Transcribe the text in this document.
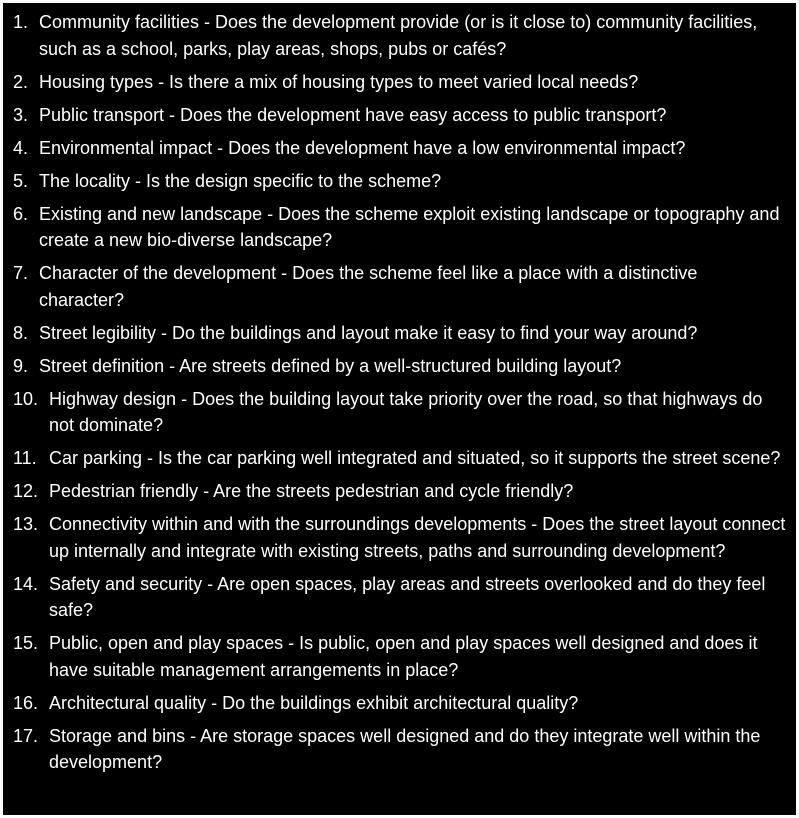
1. Community facilities - Does the development provide (or is it close to) community facilities, such as a school, parks, play areas, shops, pubs or cafés?
2. Housing types - Is there a mix of housing types to meet varied local needs?
3. Public transport - Does the development have easy access to public transport?
4. Environmental impact - Does the development have a low environmental impact?
5. The locality - Is the design specific to the scheme?
6. Existing and new landscape - Does the scheme exploit existing landscape or topography and create a new bio-diverse landscape?
7. Character of the development - Does the scheme feel like a place with a distinctive character?
8. Street legibility - Do the buildings and layout make it easy to find your way around?
9. Street definition - Are streets defined by a well-structured building layout?
10. Highway design - Does the building layout take priority over the road, so that highways do not dominate?
11. Car parking - Is the car parking well integrated and situated, so it supports the street scene?
12. Pedestrian friendly - Are the streets pedestrian and cycle friendly?
13. Connectivity within and with the surroundings developments - Does the street layout connect up internally and integrate with existing streets, paths and surrounding development?
14. Safety and security - Are open spaces, play areas and streets overlooked and do they feel safe?
15. Public, open and play spaces - Is public, open and play spaces well designed and does it have suitable management arrangements in place?
16. Architectural quality - Do the buildings exhibit architectural quality?
17. Storage and bins - Are storage spaces well designed and do they integrate well within the development?
